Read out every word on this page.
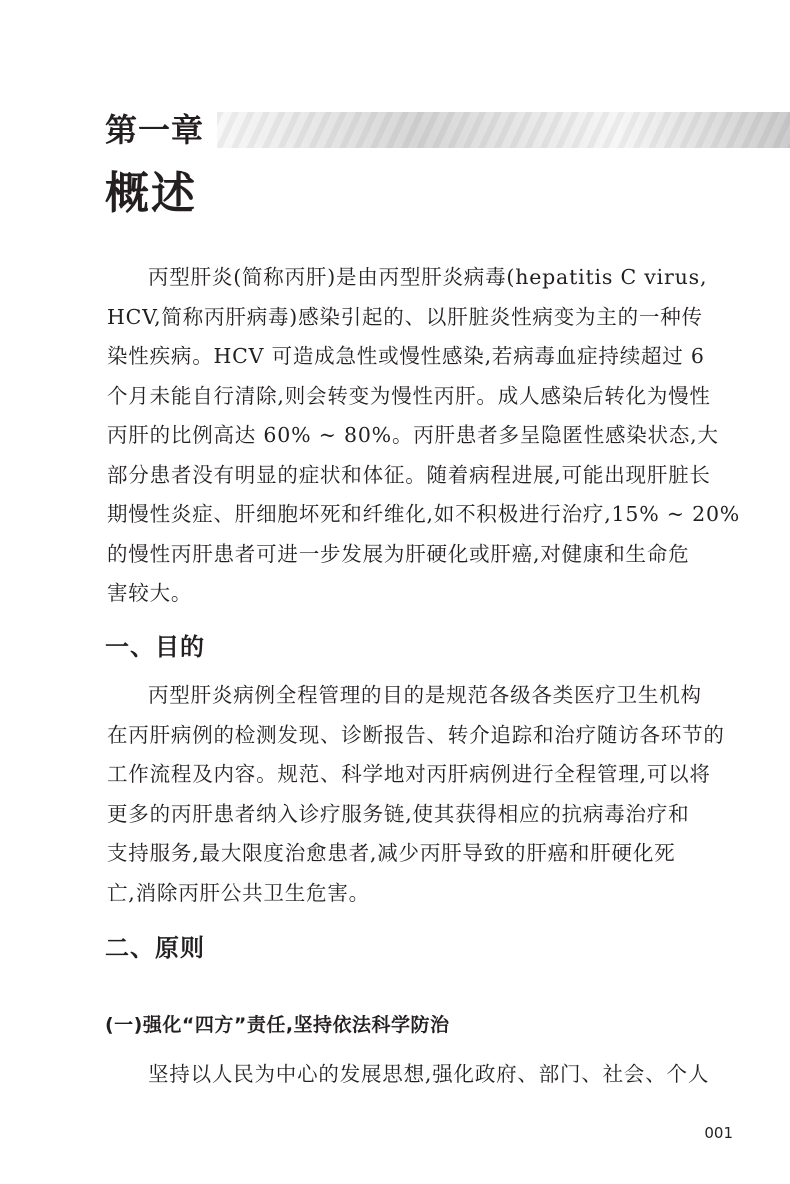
第一章
概述
丙型肝炎(简称丙肝)是由丙型肝炎病毒(hepatitis C virus,
HCV,简称丙肝病毒)感染引起的、以肝脏炎性病变为主的一种传
染性疾病。HCV 可造成急性或慢性感染,若病毒血症持续超过 6
个月未能自行清除,则会转变为慢性丙肝。成人感染后转化为慢性
丙肝的比例高达 60% ~ 80%。丙肝患者多呈隐匿性感染状态,大
部分患者没有明显的症状和体征。随着病程进展,可能出现肝脏长
期慢性炎症、肝细胞坏死和纤维化,如不积极进行治疗,15% ~ 20%
的慢性丙肝患者可进一步发展为肝硬化或肝癌,对健康和生命危
害较大。
一、目的
丙型肝炎病例全程管理的目的是规范各级各类医疗卫生机构
在丙肝病例的检测发现、诊断报告、转介追踪和治疗随访各环节的
工作流程及内容。规范、科学地对丙肝病例进行全程管理,可以将
更多的丙肝患者纳入诊疗服务链,使其获得相应的抗病毒治疗和
支持服务,最大限度治愈患者,减少丙肝导致的肝癌和肝硬化死
亡,消除丙肝公共卫生危害。
二、原则
(一)强化“四方”责任,坚持依法科学防治
坚持以人民为中心的发展思想,强化政府、部门、社会、个人
001
